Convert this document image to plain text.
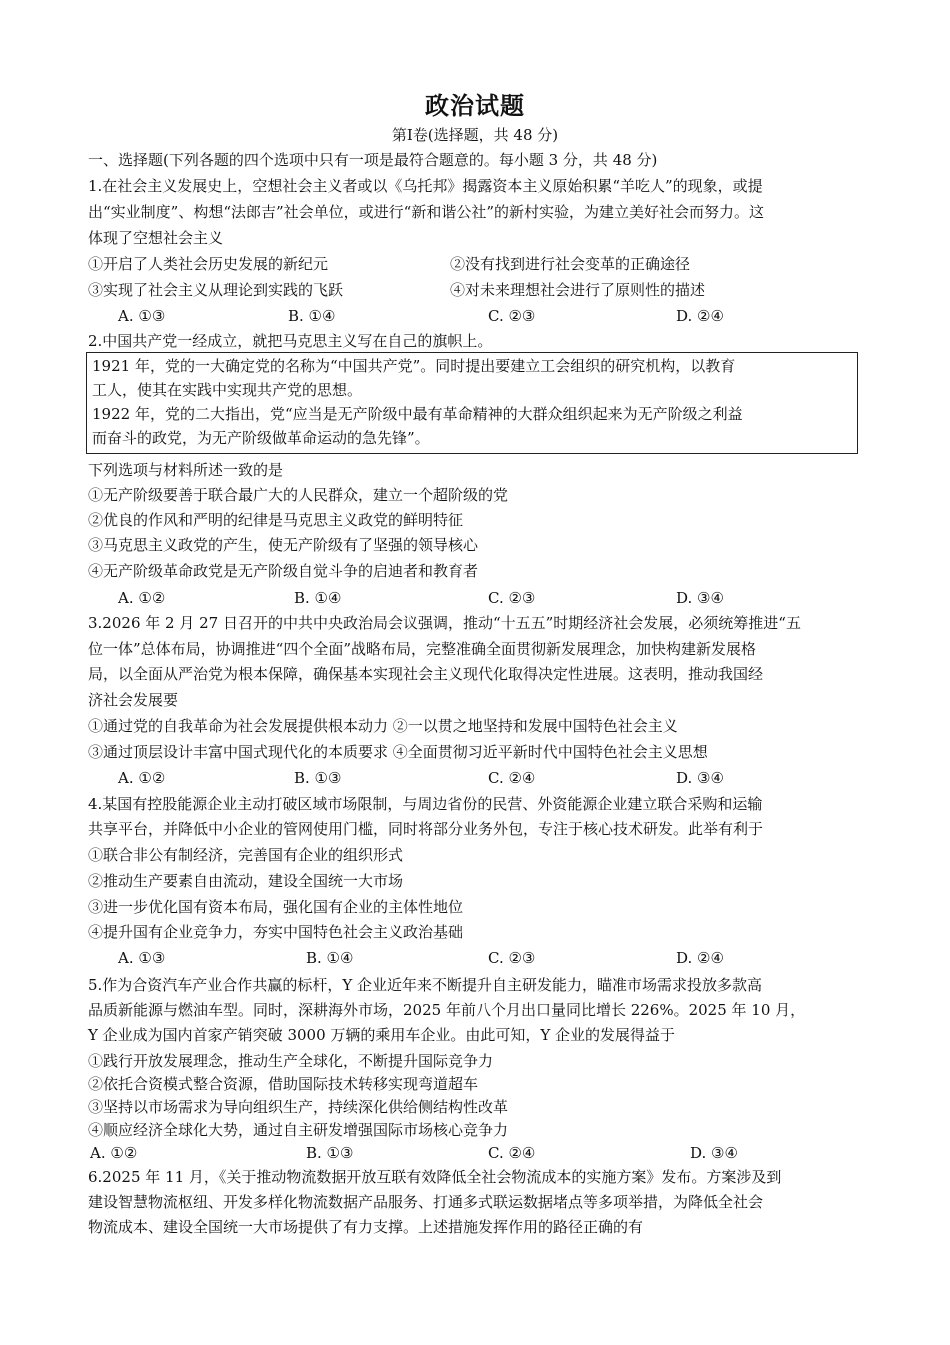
政治试题
第I卷(选择题，共 48 分)
一、选择题(下列各题的四个选项中只有一项是最符合题意的。每小题 3 分，共 48 分)
1.在社会主义发展史上，空想社会主义者或以《乌托邦》揭露资本主义原始积累“羊吃人”的现象，或提
出“实业制度”、构想“法郎吉”社会单位，或进行“新和谐公社”的新村实验，为建立美好社会而努力。这
体现了空想社会主义
①开启了人类社会历史发展的新纪元	②没有找到进行社会变革的正确途径
③实现了社会主义从理论到实践的飞跃	④对未来理想社会进行了原则性的描述
A. ①③	B. ①④	C. ②③	D. ②④
2.中国共产党一经成立，就把马克思主义写在自己的旗帜上。
1921 年，党的一大确定党的名称为“中国共产党”。同时提出要建立工会组织的研究机构，以教育
工人，使其在实践中实现共产党的思想。
1922 年，党的二大指出，党“应当是无产阶级中最有革命精神的大群众组织起来为无产阶级之利益
而奋斗的政党，为无产阶级做革命运动的急先锋”。
下列选项与材料所述一致的是
①无产阶级要善于联合最广大的人民群众，建立一个超阶级的党
②优良的作风和严明的纪律是马克思主义政党的鲜明特征
③马克思主义政党的产生，使无产阶级有了坚强的领导核心
④无产阶级革命政党是无产阶级自觉斗争的启迪者和教育者
A. ①②	B. ①④	C. ②③	D. ③④
3.2026 年 2 月 27 日召开的中共中央政治局会议强调，推动“十五五”时期经济社会发展，必须统筹推进“五
位一体”总体布局，协调推进“四个全面”战略布局，完整准确全面贯彻新发展理念，加快构建新发展格
局，以全面从严治党为根本保障，确保基本实现社会主义现代化取得决定性进展。这表明，推动我国经
济社会发展要
①通过党的自我革命为社会发展提供根本动力 ②一以贯之地坚持和发展中国特色社会主义
③通过顶层设计丰富中国式现代化的本质要求 ④全面贯彻习近平新时代中国特色社会主义思想
A. ①②	B. ①③	C. ②④	D. ③④
4.某国有控股能源企业主动打破区域市场限制，与周边省份的民营、外资能源企业建立联合采购和运输
共享平台，并降低中小企业的管网使用门槛，同时将部分业务外包，专注于核心技术研发。此举有利于
①联合非公有制经济，完善国有企业的组织形式
②推动生产要素自由流动，建设全国统一大市场
③进一步优化国有资本布局，强化国有企业的主体性地位
④提升国有企业竞争力，夯实中国特色社会主义政治基础
A. ①③	B. ①④	C. ②③	D. ②④
5.作为合资汽车产业合作共赢的标杆，Y 企业近年来不断提升自主研发能力，瞄准市场需求投放多款高
品质新能源与燃油车型。同时，深耕海外市场，2025 年前八个月出口量同比增长 226%。2025 年 10 月，
Y 企业成为国内首家产销突破 3000 万辆的乘用车企业。由此可知，Y 企业的发展得益于
①践行开放发展理念，推动生产全球化，不断提升国际竞争力
②依托合资模式整合资源，借助国际技术转移实现弯道超车
③坚持以市场需求为导向组织生产，持续深化供给侧结构性改革
④顺应经济全球化大势，通过自主研发增强国际市场核心竞争力
A. ①②	B. ①③	C. ②④	D. ③④
6.2025 年 11 月，《关于推动物流数据开放互联有效降低全社会物流成本的实施方案》发布。方案涉及到
建设智慧物流枢纽、开发多样化物流数据产品服务、打通多式联运数据堵点等多项举措，为降低全社会
物流成本、建设全国统一大市场提供了有力支撑。上述措施发挥作用的路径正确的有
